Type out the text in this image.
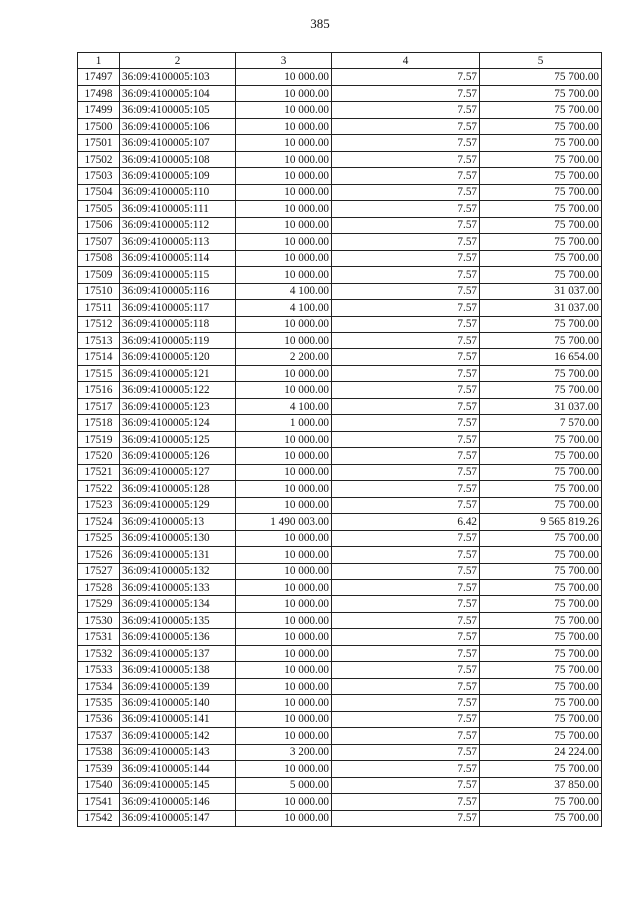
385
1	2	3	4	5
17497	36:09:4100005:103	10 000.00	7.57	75 700.00
17498	36:09:4100005:104	10 000.00	7.57	75 700.00
17499	36:09:4100005:105	10 000.00	7.57	75 700.00
17500	36:09:4100005:106	10 000.00	7.57	75 700.00
17501	36:09:4100005:107	10 000.00	7.57	75 700.00
17502	36:09:4100005:108	10 000.00	7.57	75 700.00
17503	36:09:4100005:109	10 000.00	7.57	75 700.00
17504	36:09:4100005:110	10 000.00	7.57	75 700.00
17505	36:09:4100005:111	10 000.00	7.57	75 700.00
17506	36:09:4100005:112	10 000.00	7.57	75 700.00
17507	36:09:4100005:113	10 000.00	7.57	75 700.00
17508	36:09:4100005:114	10 000.00	7.57	75 700.00
17509	36:09:4100005:115	10 000.00	7.57	75 700.00
17510	36:09:4100005:116	4 100.00	7.57	31 037.00
17511	36:09:4100005:117	4 100.00	7.57	31 037.00
17512	36:09:4100005:118	10 000.00	7.57	75 700.00
17513	36:09:4100005:119	10 000.00	7.57	75 700.00
17514	36:09:4100005:120	2 200.00	7.57	16 654.00
17515	36:09:4100005:121	10 000.00	7.57	75 700.00
17516	36:09:4100005:122	10 000.00	7.57	75 700.00
17517	36:09:4100005:123	4 100.00	7.57	31 037.00
17518	36:09:4100005:124	1 000.00	7.57	7 570.00
17519	36:09:4100005:125	10 000.00	7.57	75 700.00
17520	36:09:4100005:126	10 000.00	7.57	75 700.00
17521	36:09:4100005:127	10 000.00	7.57	75 700.00
17522	36:09:4100005:128	10 000.00	7.57	75 700.00
17523	36:09:4100005:129	10 000.00	7.57	75 700.00
17524	36:09:4100005:13	1 490 003.00	6.42	9 565 819.26
17525	36:09:4100005:130	10 000.00	7.57	75 700.00
17526	36:09:4100005:131	10 000.00	7.57	75 700.00
17527	36:09:4100005:132	10 000.00	7.57	75 700.00
17528	36:09:4100005:133	10 000.00	7.57	75 700.00
17529	36:09:4100005:134	10 000.00	7.57	75 700.00
17530	36:09:4100005:135	10 000.00	7.57	75 700.00
17531	36:09:4100005:136	10 000.00	7.57	75 700.00
17532	36:09:4100005:137	10 000.00	7.57	75 700.00
17533	36:09:4100005:138	10 000.00	7.57	75 700.00
17534	36:09:4100005:139	10 000.00	7.57	75 700.00
17535	36:09:4100005:140	10 000.00	7.57	75 700.00
17536	36:09:4100005:141	10 000.00	7.57	75 700.00
17537	36:09:4100005:142	10 000.00	7.57	75 700.00
17538	36:09:4100005:143	3 200.00	7.57	24 224.00
17539	36:09:4100005:144	10 000.00	7.57	75 700.00
17540	36:09:4100005:145	5 000.00	7.57	37 850.00
17541	36:09:4100005:146	10 000.00	7.57	75 700.00
17542	36:09:4100005:147	10 000.00	7.57	75 700.00
